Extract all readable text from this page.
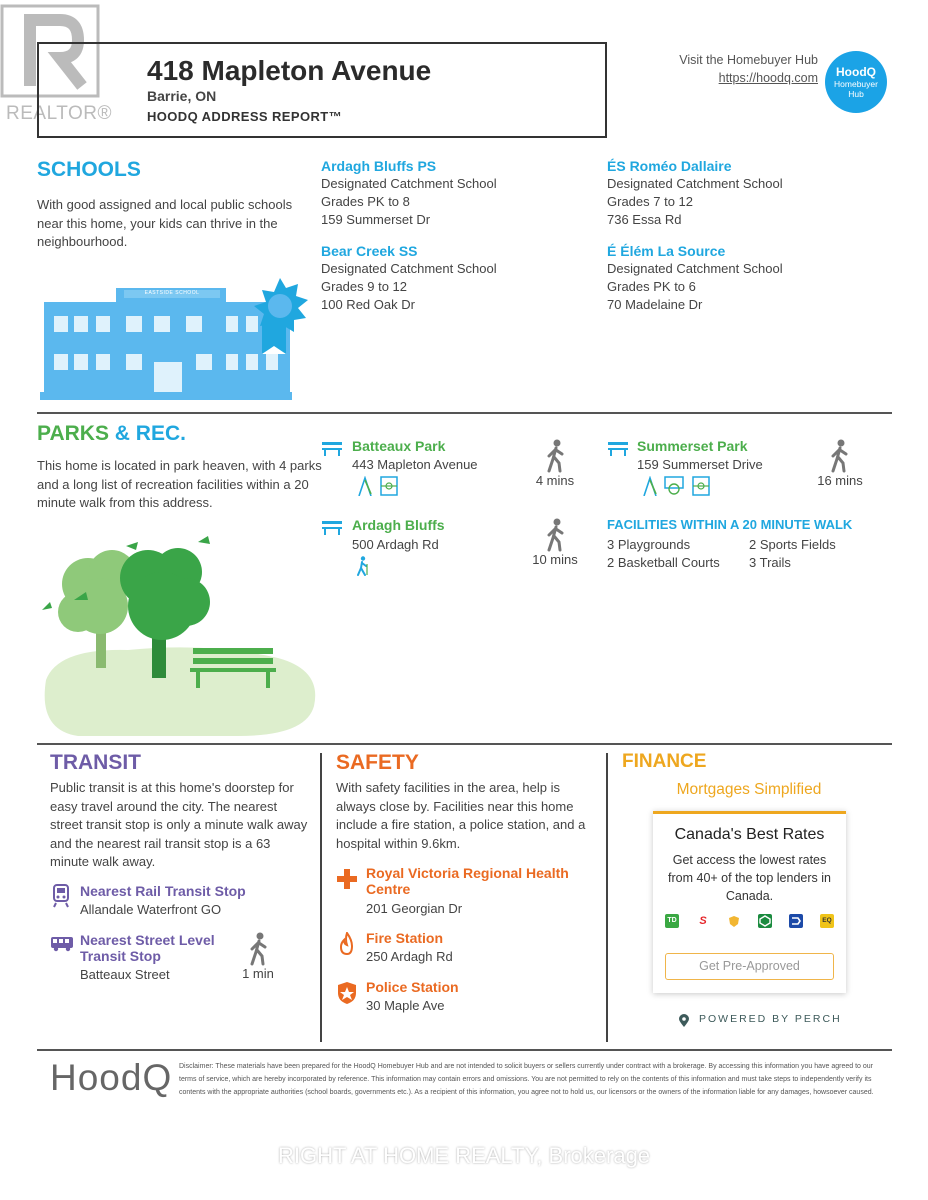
REALTOR®
418 Mapleton Avenue
Barrie, ON
HOODQ ADDRESS REPORT™
Visit the Homebuyer Hub
https://hoodq.com	HoodQ
Homebuyer
Hub
SCHOOLS
With good assigned and local public schools near this home, your kids can thrive in the neighbourhood.
Ardagh Bluffs PS
Designated Catchment School
Grades PK to 8
159 Summerset Dr
ÉS Roméo Dallaire
Designated Catchment School
Grades 7 to 12
736 Essa Rd
Bear Creek SS
Designated Catchment School
Grades 9 to 12
100 Red Oak Dr
É Élém La Source
Designated Catchment School
Grades PK to 6
70 Madelaine Dr
EASTSIDE SCHOOL
PARKS & REC.
This home is located in park heaven, with 4 parks and a long list of recreation facilities within a 20 minute walk from this address.
Batteaux Park
443 Mapleton Avenue
4 mins
Summerset Park
159 Summerset Drive
16 mins
Ardagh Bluffs
500 Ardagh Rd
10 mins
FACILITIES WITHIN A 20 MINUTE WALK
3 Playgrounds	2 Sports Fields
2 Basketball Courts 3 Trails
TRANSIT
Public transit is at this home's doorstep for easy travel around the city. The nearest street transit stop is only a minute walk away and the nearest rail transit stop is a 63 minute walk away.
Nearest Rail Transit Stop
Allandale Waterfront GO
Nearest Street Level
Transit Stop
Batteaux Street	1 min
SAFETY
With safety facilities in the area, help is always close by. Facilities near this home include a fire station, a police station, and a hospital within 9.6km.
Royal Victoria Regional Health
Centre
201 Georgian Dr
Fire Station
250 Ardagh Rd
Police Station
30 Maple Ave
FINANCE
Mortgages Simplified
Canada's Best Rates
Get access the lowest rates from 40+ of the top lenders in Canada.
TD	S	EQ
Get Pre-Approved
POWERED BY PERCH
HoodQ Disclaimer: These materials have been prepared for the HoodQ Homebuyer Hub and are not intended to solicit buyers or sellers currently under contract with a brokerage. By accessing this information you have agreed to our terms of service, which are hereby incorporated by reference. This information may contain errors and omissions. You are not permitted to rely on the contents of this information and must take steps to independently verify its contents with the appropriate authorities (school boards, governments etc.). As a recipient of this information, you agree not to hold us, our licensors or the owners of the information liable for any damages, howsoever caused.
RIGHT AT HOME REALTY, Brokerage
